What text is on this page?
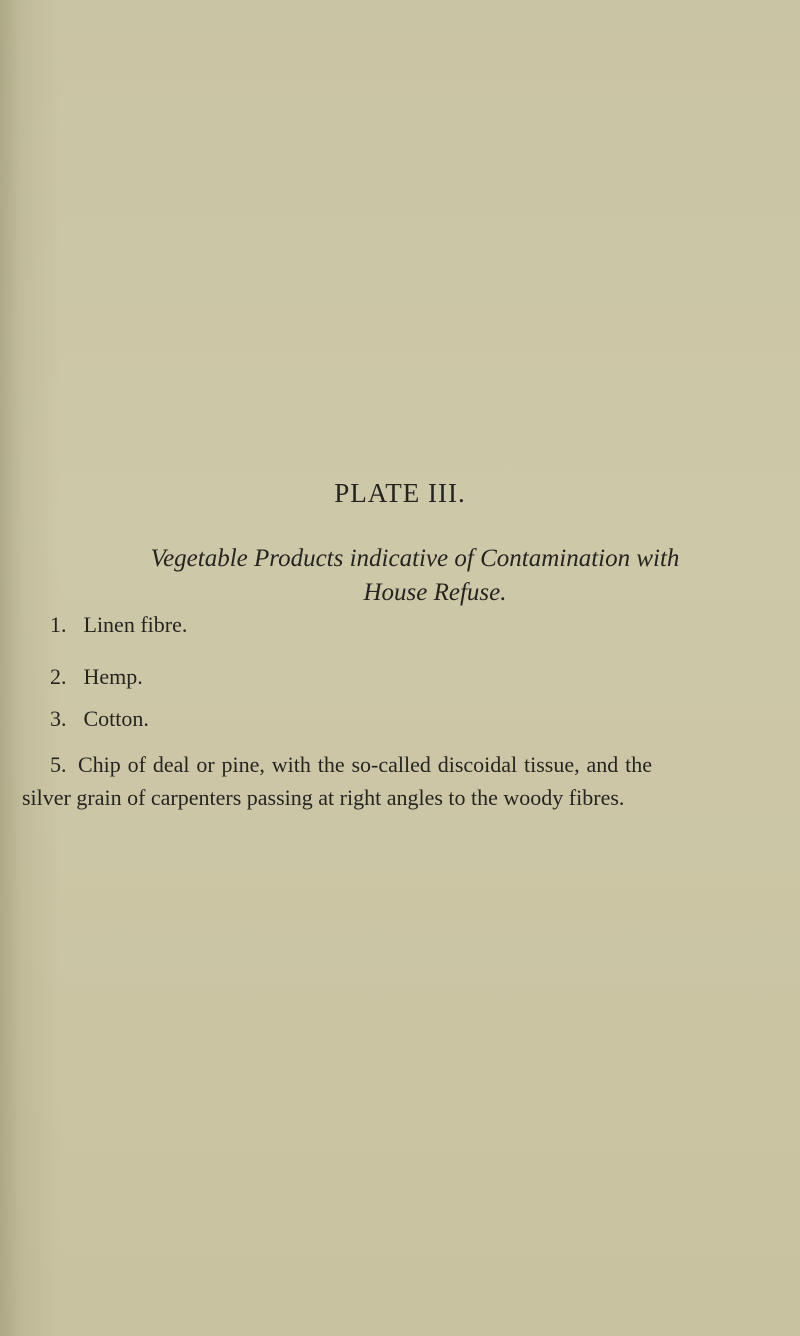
PLATE III.
Vegetable Products indicative of Contamination with
House Refuse.

1. Linen fibre.

2. Hemp.

3. Cotton.

5. Chip of deal or pine, with the so-called discoidal tissue, and the silver grain of carpenters passing at right angles to the woody fibres.
